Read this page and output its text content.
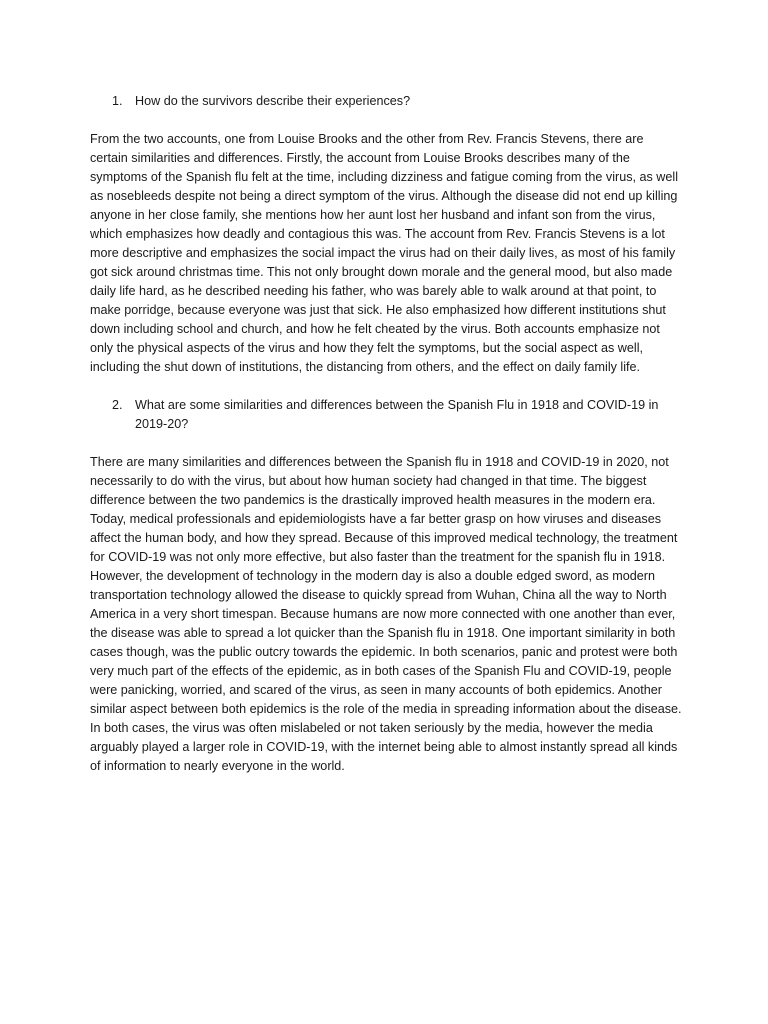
1. How do the survivors describe their experiences?

From the two accounts, one from Louise Brooks and the other from Rev. Francis Stevens, there are certain similarities and differences. Firstly, the account from Louise Brooks describes many of the symptoms of the Spanish flu felt at the time, including dizziness and fatigue coming from the virus, as well as nosebleeds despite not being a direct symptom of the virus. Although the disease did not end up killing anyone in her close family, she mentions how her aunt lost her husband and infant son from the virus, which emphasizes how deadly and contagious this was. The account from Rev. Francis Stevens is a lot more descriptive and emphasizes the social impact the virus had on their daily lives, as most of his family got sick around christmas time. This not only brought down morale and the general mood, but also made daily life hard, as he described needing his father, who was barely able to walk around at that point, to make porridge, because everyone was just that sick. He also emphasized how different institutions shut down including school and church, and how he felt cheated by the virus. Both accounts emphasize not only the physical aspects of the virus and how they felt the symptoms, but the social aspect as well, including the shut down of institutions, the distancing from others, and the effect on daily family life.

2. What are some similarities and differences between the Spanish Flu in 1918 and COVID-19 in 2019-20?

There are many similarities and differences between the Spanish flu in 1918 and COVID-19 in 2020, not necessarily to do with the virus, but about how human society had changed in that time. The biggest difference between the two pandemics is the drastically improved health measures in the modern era. Today, medical professionals and epidemiologists have a far better grasp on how viruses and diseases affect the human body, and how they spread. Because of this improved medical technology, the treatment for COVID-19 was not only more effective, but also faster than the treatment for the spanish flu in 1918. However, the development of technology in the modern day is also a double edged sword, as modern transportation technology allowed the disease to quickly spread from Wuhan, China all the way to North America in a very short timespan. Because humans are now more connected with one another than ever, the disease was able to spread a lot quicker than the Spanish flu in 1918. One important similarity in both cases though, was the public outcry towards the epidemic. In both scenarios, panic and protest were both very much part of the effects of the epidemic, as in both cases of the Spanish Flu and COVID-19, people were panicking, worried, and scared of the virus, as seen in many accounts of both epidemics. Another similar aspect between both epidemics is the role of the media in spreading information about the disease. In both cases, the virus was often mislabeled or not taken seriously by the media, however the media arguably played a larger role in COVID-19, with the internet being able to almost instantly spread all kinds of information to nearly everyone in the world.
